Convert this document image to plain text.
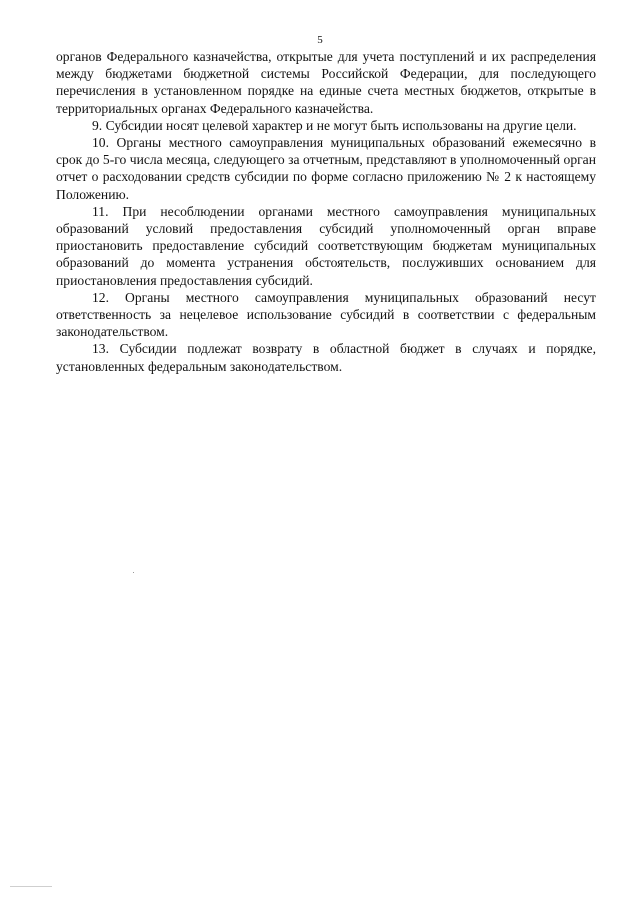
5

органов Федерального казначейства, открытые для учета поступлений и их распределения между бюджетами бюджетной системы Российской Федерации, для последующего перечисления в установленном порядке на единые счета местных бюджетов, открытые в территориальных органах Федерального казначейства.

9. Субсидии носят целевой характер и не могут быть использованы на другие цели.

10. Органы местного самоуправления муниципальных образований ежемесячно в срок до 5-го числа месяца, следующего за отчетным, представляют в уполномоченный орган отчет о расходовании средств субсидии по форме согласно приложению № 2 к настоящему Положению.

11. При несоблюдении органами местного самоуправления муниципальных образований условий предоставления субсидий уполномоченный орган вправе приостановить предоставление субсидий соответствующим бюджетам муниципальных образований до момента устранения обстоятельств, послуживших основанием для приостановления предоставления субсидий.

12. Органы местного самоуправления муниципальных образований несут ответственность за нецелевое использование субсидий в соответствии с федеральным законодательством.

13. Субсидии подлежат возврату в областной бюджет в случаях и порядке, установленных федеральным законодательством.
